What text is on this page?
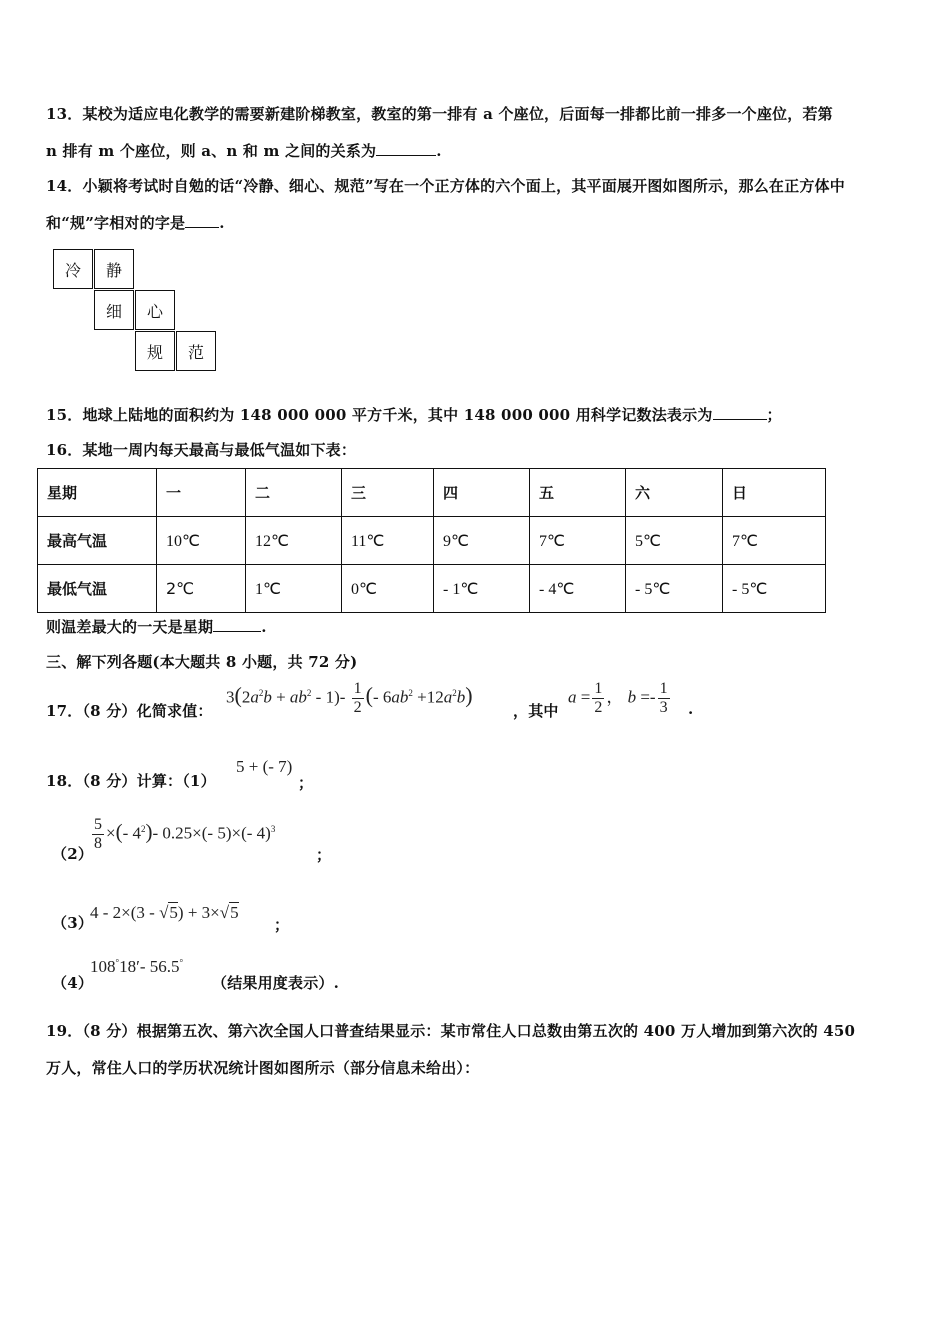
13．某校为适应电化教学的需要新建阶梯教室，教室的第一排有 a 个座位，后面每一排都比前一排多一个座位，若第
n 排有 m 个座位，则 a、n 和 m 之间的关系为	.
14．小颖将考试时自勉的话“冷静、细心、规范”写在一个正方体的六个面上，其平面展开图如图所示，那么在正方体中
和“规”字相对的字是 .
冷	静
细	心
规	范
15．地球上陆地的面积约为 148 000 000 平方千米，其中 148 000 000 用科学记数法表示为	；
16．某地一周内每天最高与最低气温如下表：
星期	一	二	三	四	五	六	日
最高气温	10℃	12℃	11℃	9℃	7℃	5℃	7℃
最低气温	2℃	1℃	0℃	- 1℃	- 4℃	- 5℃	- 5℃
则温差最大的一天是星期	.
三、解下列各题(本大题共 8 小题，共 72 分)
17．（8 分）化简求值：
$3(2a^2b + ab^2 - 1)- \frac{1}{2}$ (- $6ab^2 +12a^2b$)
，其中
$a = \frac{1}{2}$ ， $b =- \frac{1}{3}$ .
18．（8 分）计算：（1）
5 + (- 7)
；
（2）
$\frac{5}{8}$ ×(- $4^2)-$ 0.25×(- 5)×(- 4)$^3$
；
（3）
4 - 2×(3 - √5) + 3×√5
；
（4）
108°18′- 56.5°
（结果用度表示）.
19．（8 分）根据第五次、第六次全国人口普查结果显示：某市常住人口总数由第五次的 400 万人增加到第六次的 450
万人，常住人口的学历状况统计图如图所示（部分信息未给出）：
